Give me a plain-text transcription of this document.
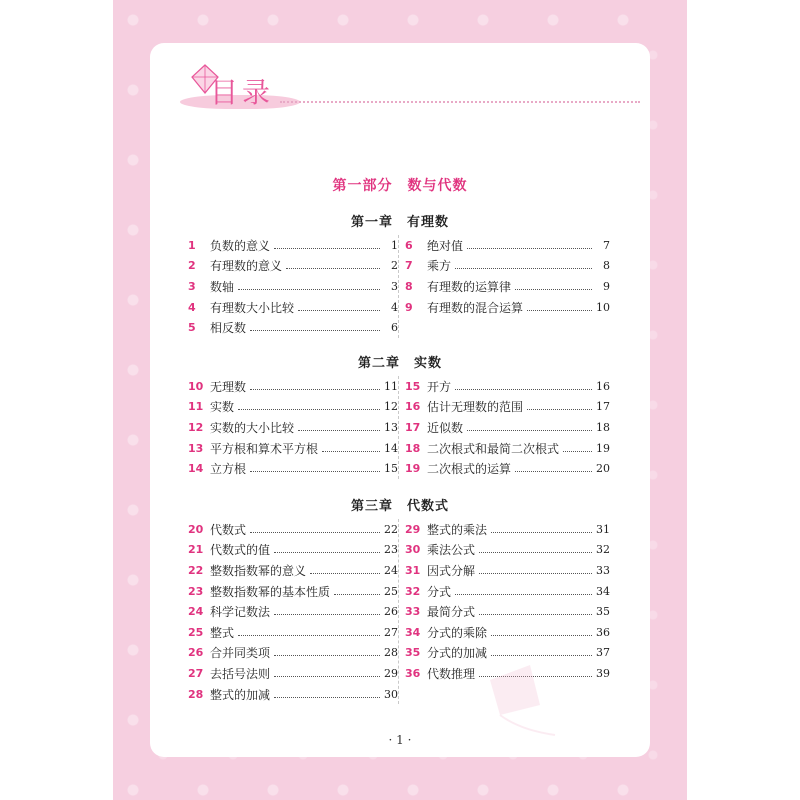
目录
第一部分　数与代数
第一章　有理数
1	负数的意义	1
2	有理数的意义	2
3	数轴	3
4	有理数大小比较	4
5	相反数	6
6	绝对值	7
7	乘方	8
8	有理数的运算律	9
9	有理数的混合运算	10
第二章　实数
10 无理数	11
11 实数	12
12 实数的大小比较	13
13 平方根和算术平方根	14
14 立方根	15
15 开方	16
16 估计无理数的范围	17
17 近似数	18
18 二次根式和最简二次根式	19
19 二次根式的运算	20
第三章　代数式
20 代数式	22
21 代数式的值	23
22 整数指数幂的意义	24
23 整数指数幂的基本性质	25
24 科学记数法	26
25 整式	27
26 合并同类项	28
27 去括号法则	29
28 整式的加减	30
29 整式的乘法	31
30 乘法公式	32
31 因式分解	33
32 分式	34
33 最简分式	35
34 分式的乘除	36
35 分式的加减	37
36 代数推理	39
· 1 ·
